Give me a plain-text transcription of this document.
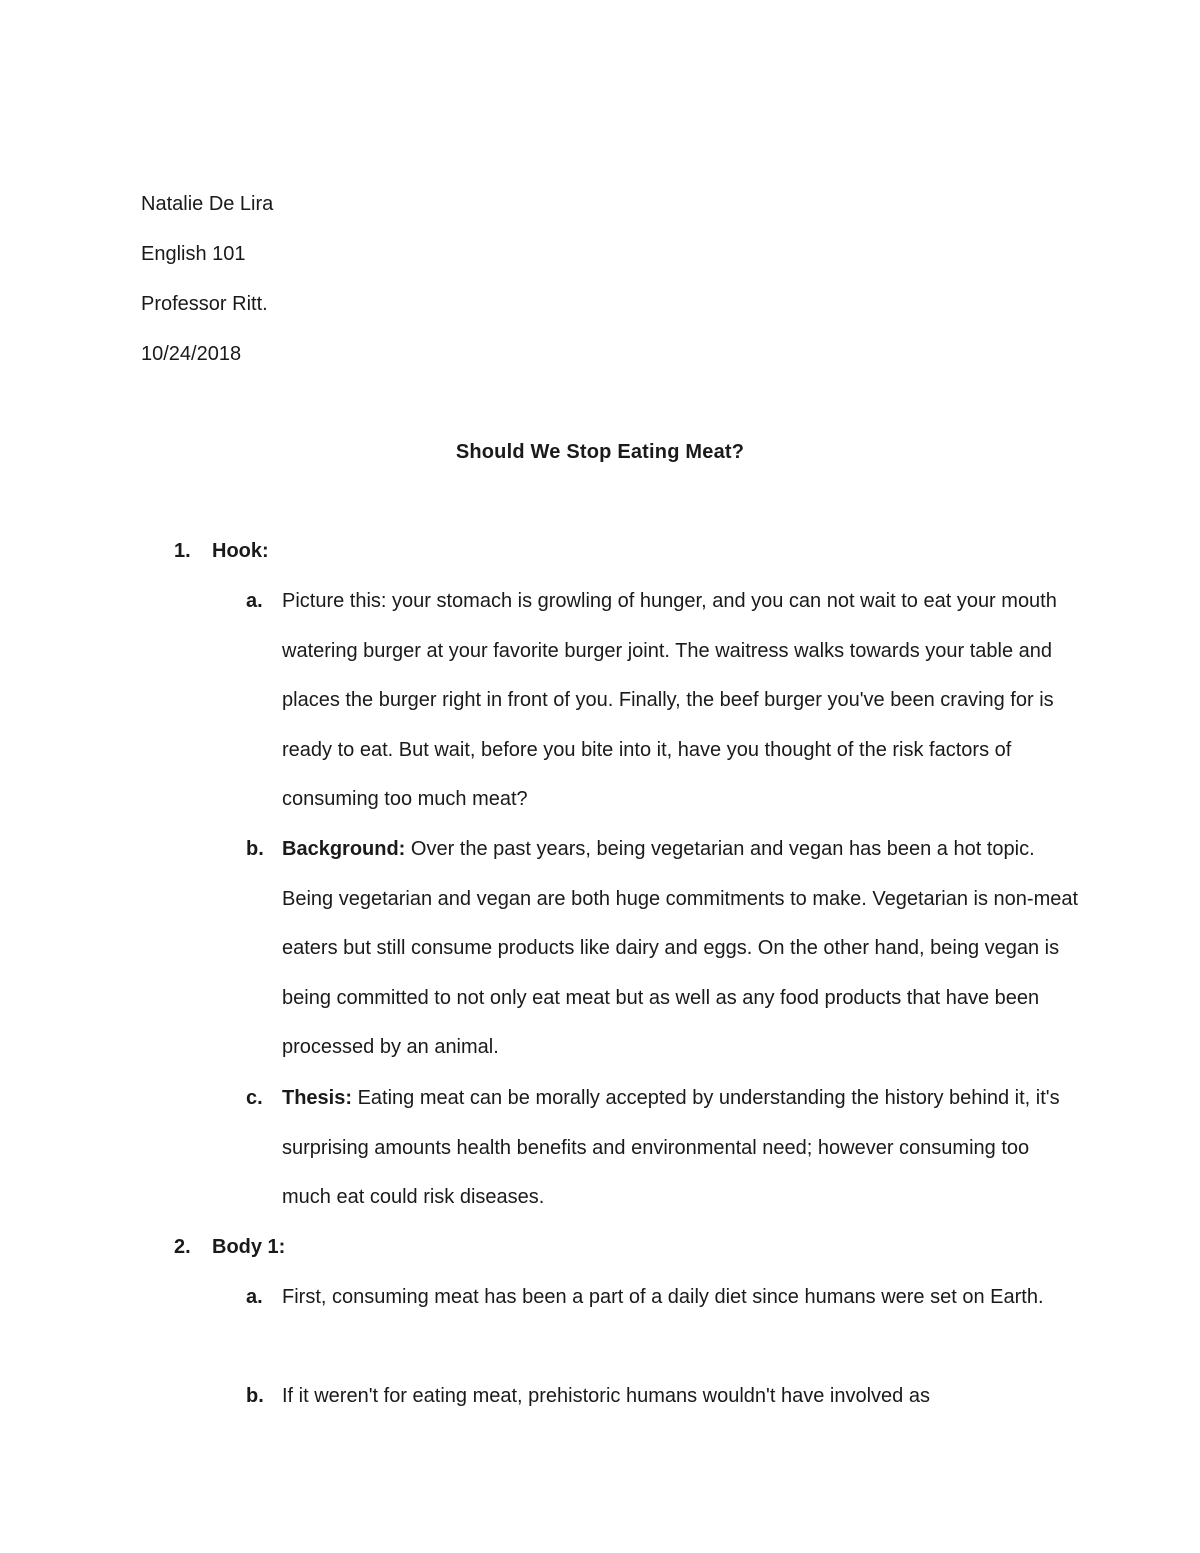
Natalie De Lira

English 101

Professor Ritt.

10/24/2018

Should We Stop Eating Meat?
1. Hook:

a. Picture this: your stomach is growling of hunger, and you can not wait to eat your mouth watering burger at your favorite burger joint. The waitress walks towards your table and places the burger right in front of you. Finally, the beef burger you've been craving for is ready to eat. But wait, before you bite into it, have you thought of the risk factors of consuming too much meat?

b. Background: Over the past years, being vegetarian and vegan has been a hot topic. Being vegetarian and vegan are both huge commitments to make. Vegetarian is non-meat eaters but still consume products like dairy and eggs. On the other hand, being vegan is being committed to not only eat meat but as well as any food products that have been processed by an animal.

c. Thesis: Eating meat can be morally accepted by understanding the history behind it, it's surprising amounts health benefits and environmental need; however consuming too much eat could risk diseases.

2. Body 1:

a. First, consuming meat has been a part of a daily diet since humans were set on Earth.

b. If it weren't for eating meat, prehistoric humans wouldn't have involved as
